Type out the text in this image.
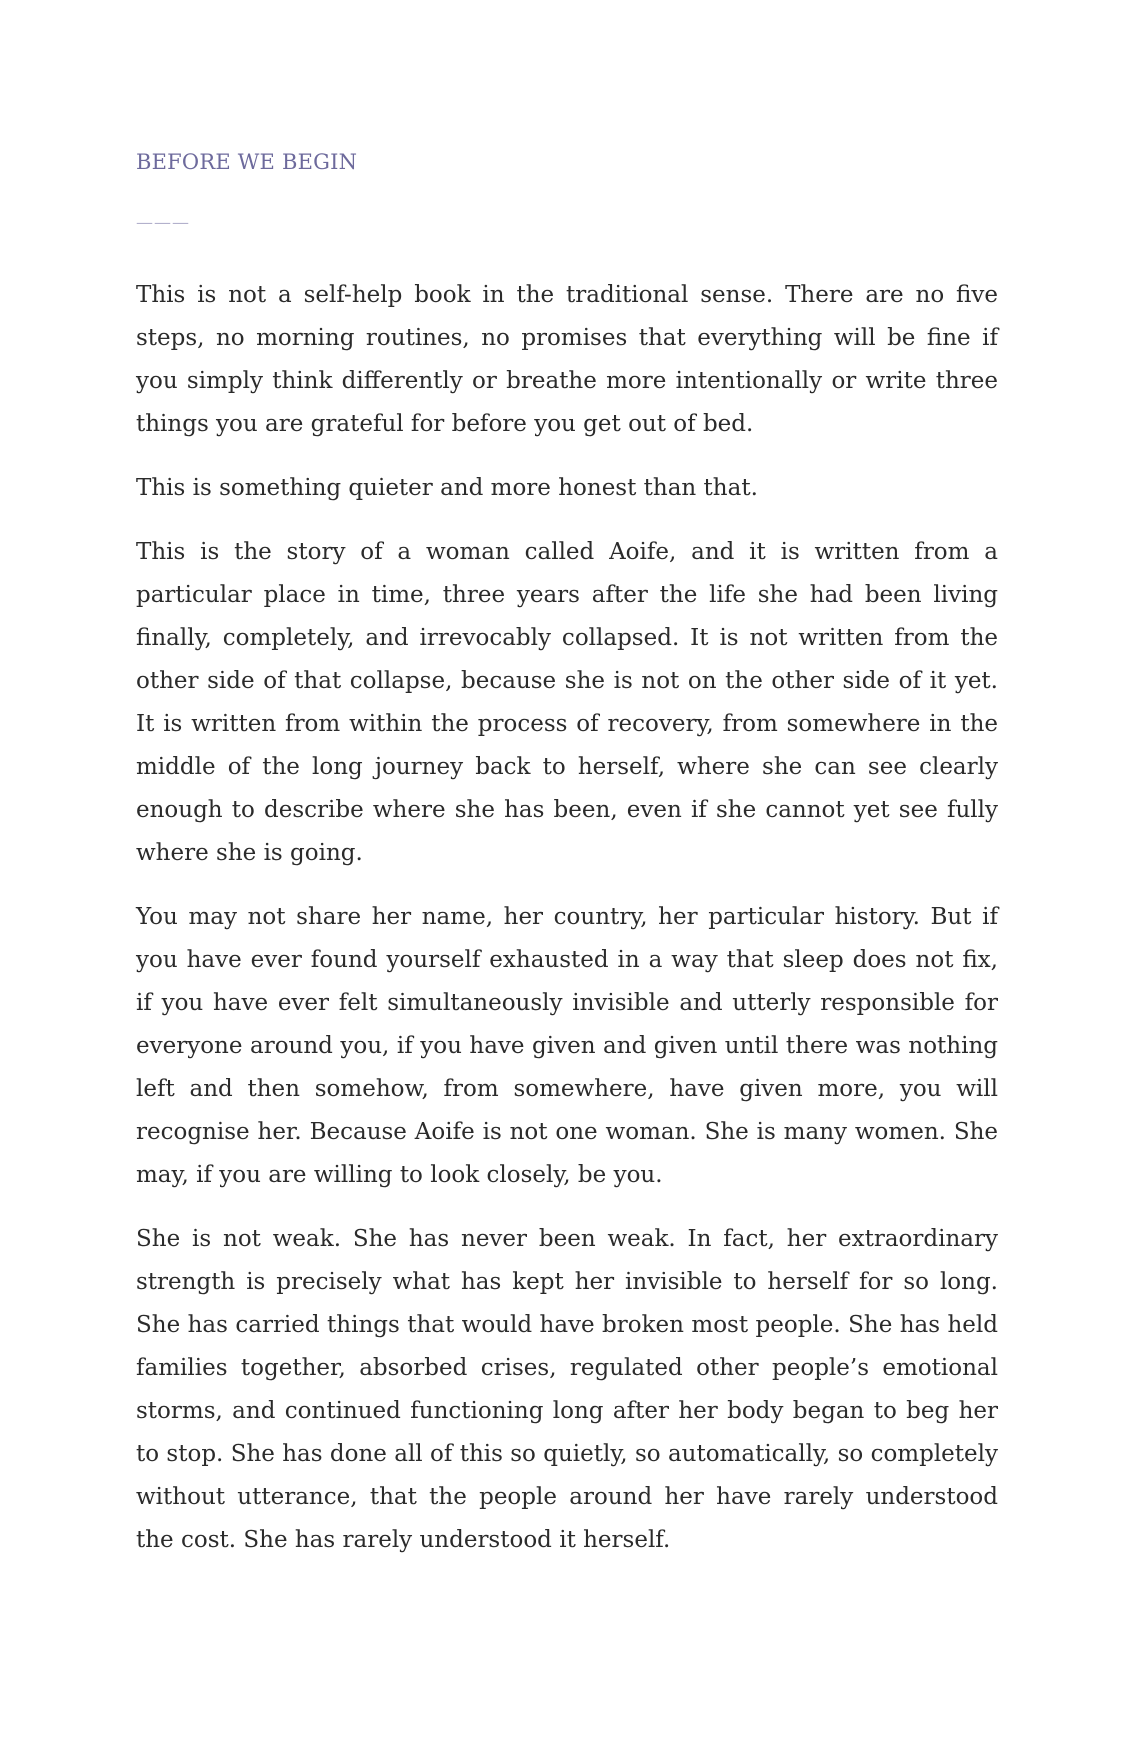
BEFORE WE BEGIN
———

This is not a self-help book in the traditional sense. There are no five steps, no morning routines, no promises that everything will be fine if you simply think differently or breathe more intentionally or write three things you are grateful for before you get out of bed.

This is something quieter and more honest than that.

This is the story of a woman called Aoife, and it is written from a particular place in time, three years after the life she had been living finally, completely, and irrevocably collapsed. It is not written from the other side of that collapse, because she is not on the other side of it yet. It is written from within the process of recovery, from somewhere in the middle of the long journey back to herself, where she can see clearly enough to describe where she has been, even if she cannot yet see fully where she is going.

You may not share her name, her country, her particular history. But if you have ever found yourself exhausted in a way that sleep does not fix, if you have ever felt simultaneously invisible and utterly responsible for everyone around you, if you have given and given until there was nothing left and then somehow, from somewhere, have given more, you will recognise her. Because Aoife is not one woman. She is many women. She may, if you are willing to look closely, be you.

She is not weak. She has never been weak. In fact, her extraordinary strength is precisely what has kept her invisible to herself for so long. She has carried things that would have broken most people. She has held families together, absorbed crises, regulated other people’s emotional storms, and continued functioning long after her body began to beg her to stop. She has done all of this so quietly, so automatically, so completely without utterance, that the people around her have rarely understood the cost. She has rarely understood it herself.
